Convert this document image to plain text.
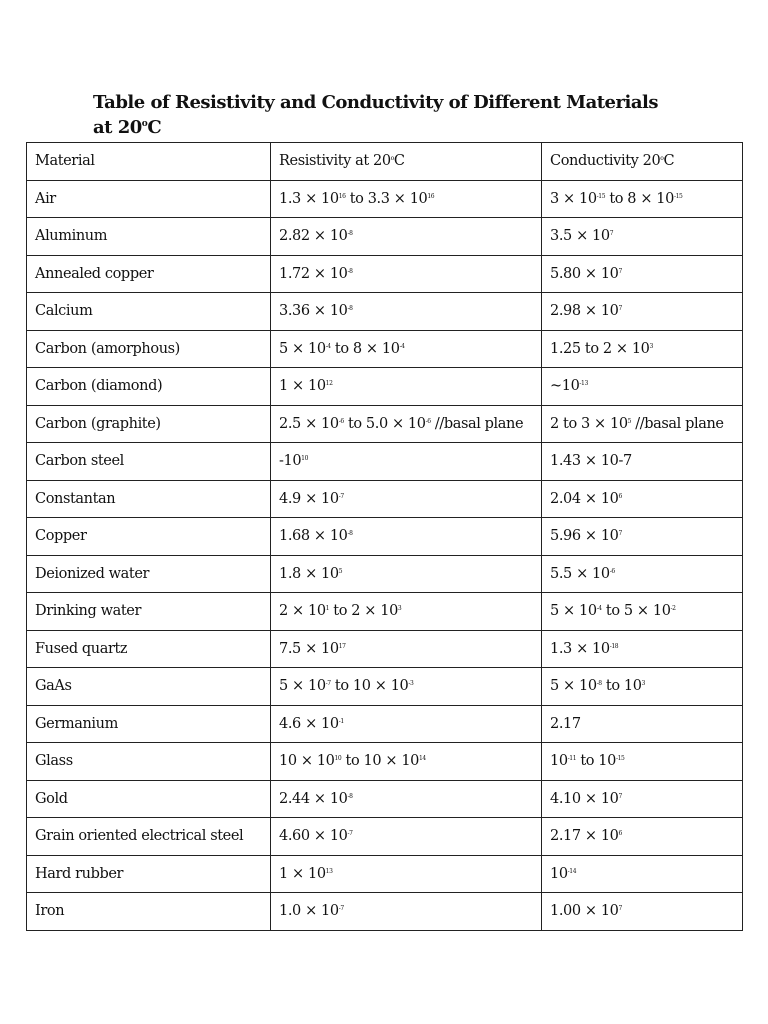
Table of Resistivity and Conductivity of Different Materials
at 20$^o$C
Material	Resistivity at 20$^o$C	Conductivity 20$^o$C
Air	$1.3 \times 10^{16}$ to $3.3 \times 10^{16}$	$3 \times 10^{-15}$ to $8 \times 10^{-15}$
Aluminum	$2.82 \times 10^{-8}$	$3.5 \times 10^7$
Annealed copper	$1.72 \times 10^{-8}$	$5.80 \times 10^7$
Calcium	$3.36 \times 10^{-8}$	$2.98 \times 10^7$
Carbon (amorphous)	$5 \times 10^{-4}$ to $8 \times 10^{-4}$	1.25 to $2 \times 10^3$
Carbon (diamond)	$1 \times 10^{12}$	$\sim 10^{-13}$
Carbon (graphite)	$2.5 \times 10^{-6}$ to $5.0 \times 10^{-6}$ //basal plane	2 to $3 \times 10^5$ //basal plane
Carbon steel	$-10^{10}$	1.43 × 10-7
Constantan	$4.9 \times 10^{-7}$	$2.04 \times 10^6$
Copper	$1.68 \times 10^{-8}$	$5.96 \times 10^7$
Deionized water	$1.8 \times 10^5$	$5.5 \times 10^{-6}$
Drinking water	$2 \times 10^1$ to $2 \times 10^3$	$5 \times 10^{-4}$ to $5 \times 10^{-2}$
Fused quartz	$7.5 \times 10^{17}$	$1.3 \times 10^{-18}$
GaAs	$5 \times 10^{-7}$ to $10 \times 10^{-3}$	$5 \times 10^{-8}$ to $10^3$
Germanium	$4.6 \times 10^{-1}$	2.17
Glass	$10 \times 10^{10}$ to $10 \times 10^{14}$	$10^{-11}$ to $10^{-15}$
Gold	$2.44 \times 10^{-8}$	$4.10 \times 10^7$
Grain oriented electrical steel	$4.60 \times 10^{-7}$	$2.17 \times 10^6$
Hard rubber	$1 \times 10^{13}$	$10^{-14}$
Iron	$1.0 \times 10^{-7}$	$1.00 \times 10^7$
